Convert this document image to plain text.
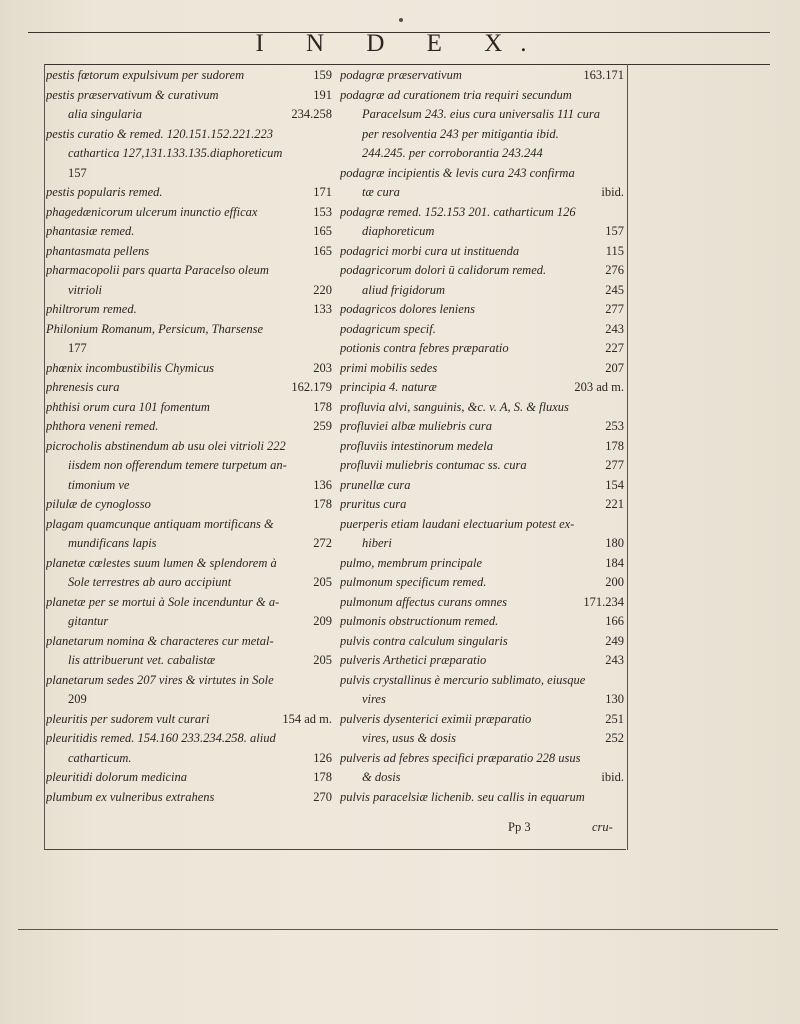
I N D E X.
pestis fœtorum expulsivum per sudorem	159
pestis præservativum & curativum	191
alia singularia	234.258
pestis curatio & remed. 120.151.152.221.223
cathartica 127,131.133.135.diaphoreticum
157
pestis popularis remed.	171
phagedænicorum ulcerum inunctio efficax	153
phantasiæ remed.	165
phantasmata pellens	165
pharmacopolii pars quarta Paracelso oleum
vitrioli	220
philtrorum remed.	133
Philonium Romanum, Persicum, Tharsense
177
phœnix incombustibilis Chymicus	203
phrenesis cura	162.179
phthisi orum cura 101 fomentum	178
phthora veneni remed.	259
picrocholis abstinendum ab usu olei vitrioli 222
iisdem non offerendum temere turpetum an-
timonium ve	136
pilulæ de cynoglosso	178
plagam quamcunque antiquam mortificans &
mundificans lapis	272
planetæ cœlestes suum lumen & splendorem à
Sole terrestres ab auro accipiunt	205
planetæ per se mortui à Sole incenduntur & a-
gitantur	209
planetarum nomina & characteres cur metal-
lis attribuerunt vet. cabalistæ	205
planetarum sedes 207 vires & virtutes in Sole
209
pleuritis per sudorem vult curari	154 ad m.
pleuritidis remed. 154.160 233.234.258. aliud
catharticum.	126
pleuritidi dolorum medicina	178
plumbum ex vulneribus extrahens	270
podagræ præservativum	163.171
podagræ ad curationem tria requiri secundum
Paracelsum 243. eius cura universalis 111 cura
per resolventia 243 per mitigantia ibid.
244.245. per corroborantia 243.244
podagræ incipientis & levis cura 243 confirma
tæ cura	ibid.
podagræ remed. 152.153 201. catharticum 126
diaphoreticum	157
podagrici morbi cura ut instituenda	115
podagricorum dolori ū calidorum remed.	276
aliud frigidorum	245
podagricos dolores leniens	277
podagricum specif.	243
potionis contra febres præparatio	227
primi mobilis sedes	207
principia 4. naturæ	203 ad m.
profluvia alvi, sanguinis, &c. v. A, S. & fluxus
profluviei albæ muliebris cura	253
profluviis intestinorum medela	178
profluvii muliebris contumac ss. cura	277
prunellæ cura	154
pruritus cura	221
puerperis etiam laudani electuarium potest ex-
hiberi	180
pulmo, membrum principale	184
pulmonum specificum remed.	200
pulmonum affectus curans omnes	171.234
pulmonis obstructionum remed.	166
pulvis contra calculum singularis	249
pulveris Arthetici præparatio	243
pulvis crystallinus è mercurio sublimato, eiusque
vires	130
pulveris dysenterici eximii præparatio	251
vires, usus & dosis	252
pulveris ad febres specifici præparatio 228 usus
& dosis	ibid.
pulvis paracelsiæ lichenib. seu callis in equarum
Pp 3	cru-
